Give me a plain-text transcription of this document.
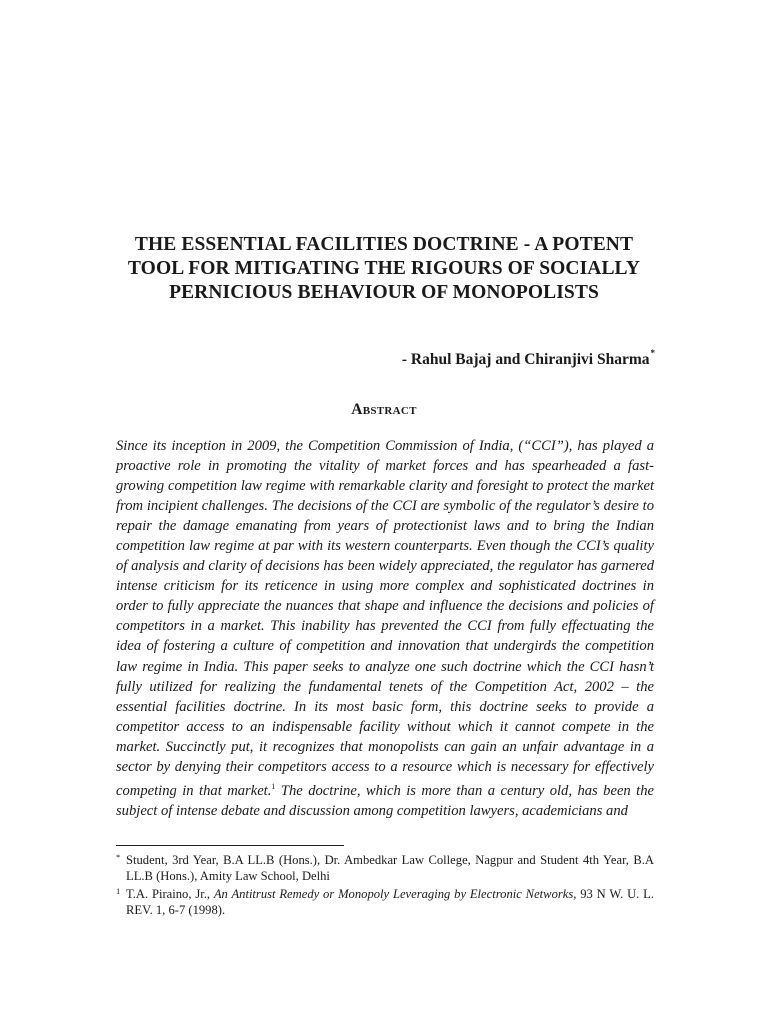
THE ESSENTIAL FACILITIES DOCTRINE - A POTENT TOOL FOR MITIGATING THE RIGOURS OF SOCIALLY PERNICIOUS BEHAVIOUR OF MONOPOLISTS

- Rahul Bajaj and Chiranjivi Sharma*

Abstract

Since its inception in 2009, the Competition Commission of India, (“CCI”), has played a proactive role in promoting the vitality of market forces and has spearheaded a fast-growing competition law regime with remarkable clarity and foresight to protect the market from incipient challenges. The decisions of the CCI are symbolic of the regulator’s desire to repair the damage emanating from years of protectionist laws and to bring the Indian competition law regime at par with its western counterparts. Even though the CCI’s quality of analysis and clarity of decisions has been widely appreciated, the regulator has garnered intense criticism for its reticence in using more complex and sophisticated doctrines in order to fully appreciate the nuances that shape and influence the decisions and policies of competitors in a market. This inability has prevented the CCI from fully effectuating the idea of fostering a culture of competition and innovation that undergirds the competition law regime in India. This paper seeks to analyze one such doctrine which the CCI hasn’t fully utilized for realizing the fundamental tenets of the Competition Act, 2002 – the essential facilities doctrine. In its most basic form, this doctrine seeks to provide a competitor access to an indispensable facility without which it cannot compete in the market. Succinctly put, it recognizes that monopolists can gain an unfair advantage in a sector by denying their competitors access to a resource which is necessary for effectively competing in that market.$^1$ The doctrine, which is more than a century old, has been the subject of intense debate and discussion among competition lawyers, academicians and

* Student, 3rd Year, B.A LL.B (Hons.), Dr. Ambedkar Law College, Nagpur and Student 4th Year, B.A LL.B (Hons.), Amity Law School, Delhi

1 T.A. Piraino, Jr., An Antitrust Remedy or Monopoly Leveraging by Electronic Networks, 93 N W. U. L. REV. 1, 6-7 (1998).
